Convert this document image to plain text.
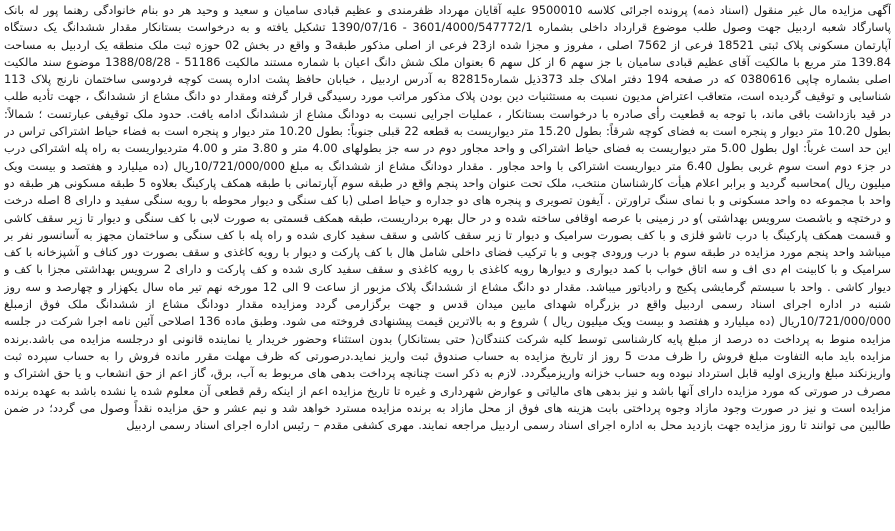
آگهی مزایده مال غیر منقول (اسناد ذمه) پرونده اجرائی کلاسه 9500010 علیه آقایان مهرداد ظفرمندی و عظیم قبادی سامیان و سعید و وحید هر دو بنام خانوادگی رهنما پور له بانک پاسارگاد شعبه اردبیل جهت وصول طلب موضوع قرارداد داخلی بشماره 3601/4000/547772/1 - 1390/07/16 تشکیل یافته و به درخواست بستانکار مقدار ششدانگ یک دستگاه آپارتمان مسکونی پلاک ثبتی 18521 فرعی از 7562 اصلی ، مفروز و مجزا شده از23 فرعی از اصلی مذکور طبقه3 و واقع در بخش 02 حوزه ثبت ملک منطقه یک اردبیل به مساحت 139.84 متر مربع با مالکیت آقای عظیم قبادی سامیان با جز سهم 6 از کل سهم 6 بعنوان ملک شش دانگ اعیان با شماره مستند مالکیت 51186 - 1388/08/28 موضوع سند مالکیت اصلی بشماره چاپی 0380616 که در صفحه 194 دفتر املاک جلد 373ذیل شماره82815 به آدرس اردبیل ، خیابان حافظ پشت اداره پست کوچه فردوسی ساختمان نارنج پلاک 113 شناسایی و توقیف گردیده است، متعاقب اعتراض مدیون نسبت به مستثنیات دین بودن پلاک مذکور مراتب مورد رسیدگی قرار گرفته ومقدار دو دانگ مشاع از ششدانگ ، جهت تأدیه طلب در قید بازداشت باقی ماند، با توجه به قطعیت رأی صادره با درخواست بستانکار ، عملیات اجرایی نسبت به دودانگ مشاع از ششدانگ ادامه یافت. حدود ملک توقیفی عبارتست ؛ شمالاً: بطول 10.20 متر دیوار و پنجره است به فضای کوچه شرقاً: بطول 15.20 متر دیواریست به قطعه 22 قبلی جنوباً: بطول 10.20 متر دیوار و پنجره است به فضاء حیاط اشتراکی تراس در این حد است غرباً: اول بطول 5.00 متر دیواریست به فضای حیاط اشتراکی و واحد مجاور دوم در سه جز بطولهای 4.00 متر و 3.80 متر و 4.00 متردیواریست به راه پله اشتراکی درب در جزء دوم است سوم غربی بطول 6.40 متر دیواریست اشتراکی با واحد مجاور . مقدار دودانگ مشاع از ششدانگ به مبلغ 10/721/000/000ریال (ده میلیارد و هفتصد و بیست ویک میلیون ریال )محاسبه گردید و برابر اعلام هیأت کارشناسان منتخب، ملک تحت عنوان واحد پنجم واقع در طبقه سوم آپارتمانی با طبقه همکف پارکینگ بعلاوه 5 طبقه مسکونی هر طبقه دو واحد با مجموعه ده واحد مسکونی و با نمای سنگ تراورتن . آیفون تصویری و پنجره های دو جداره و حیاط اصلی (با کف سنگی و دیوار محوطه با رویه سنگی سفید و دارای 8 اصله درخت و درختچه و باشصت سرویس بهداشتی )و در زمینی با عرصه اوقافی ساخته شده و در حال بهره برداریست، طبقه همکف قسمتی به صورت لابی با کف سنگی و دیوار تا زیر سقف کاشی و قسمت همکف پارکینگ با درب تاشو فلزی و با کف بصورت سرامیک و دیوار تا زیر سقف کاشی و سقف سفید کاری شده و راه پله با کف سنگی و ساختمان مجهز به آسانسور نفر بر میباشد واحد پنجم مورد مزایده در طبقه سوم با درب ورودی چوبی و با ترکیب فضای داخلی شامل هال با کف پارکت و دیوار با رویه کاغذی و سقف بصورت دور کناف و آشپزخانه با کف سرامیک و با کابینت ام دی اف و سه اتاق خواب با کمد دیواری و دیوارها رویه کاغذی با رویه کاغذی و سقف سفید کاری شده و کف پارکت و دارای 2 سرویس بهداشتی مجزا با کف و دیوار کاشی . واحد با سیستم گرمایشی پکیج و رادیاتور میباشد. مقدار دو دانگ مشاع از ششدانگ پلاک مزبور از ساعت 9 الی 12 مورخه نهم تیر ماه سال یکهزار و چهارصد و سه روز شنبه در اداره اجرای اسناد رسمی اردبیل واقع در بزرگراه شهدای مابین میدان قدس و جهت برگزارمی گردد ومزایده مقدار دودانگ مشاع از ششدانگ ملک فوق ازمبلغ 10/721/000/000ریال (ده میلیارد و هفتصد و بیست ویک میلیون ریال ) شروع و به بالاترین قیمت پیشنهادی فروخته می شود. وطبق ماده 136 اصلاحی آئین نامه اجرا شرکت در جلسه مزایده منوط به پرداخت ده درصد از مبلغ پایه کارشناسی توسط کلیه شرکت کنندگان( حتی بستانکار) بدون استثناء وحضور خریدار یا نماینده قانونی او درجلسه مزایده می باشد.برنده مزایده باید مابه التفاوت مبلغ فروش را ظرف مدت 5 روز از تاریخ مزایده به حساب صندوق ثبت واریز نماید.درصورتی که ظرف مهلت مقرر مانده فروش را به حساب سپرده ثبت واریزنکند مبلغ واریزی اولیه قابل استرداد نبوده وبه حساب خزانه واریزمیگردد. لازم به ذکر است چنانچه پرداخت بدهی های مربوط به آب، برق، گاز اعم از حق انشعاب و یا حق اشتراک و مصرف در صورتی که مورد مزایده دارای آنها باشد و نیز بدهی های مالیاتی و عوارض شهرداری و غیره تا تاریخ مزایده اعم از اینکه رقم قطعی آن معلوم شده یا نشده باشد به عهده برنده مزایده است و نیز در صورت وجود مازاد وجوه پرداختی بابت هزینه های فوق از محل مازاد به برنده مزایده مسترد خواهد شد و نیم عشر و حق مزایده نقداً وصول می گردد؛ در ضمن طالبین می توانند تا روز مزایده جهت بازدید محل به اداره اجرای اسناد رسمی اردبیل مراجعه نمایند. مهری کشفی مقدم – رئیس اداره اجرای اسناد رسمی اردبیل
